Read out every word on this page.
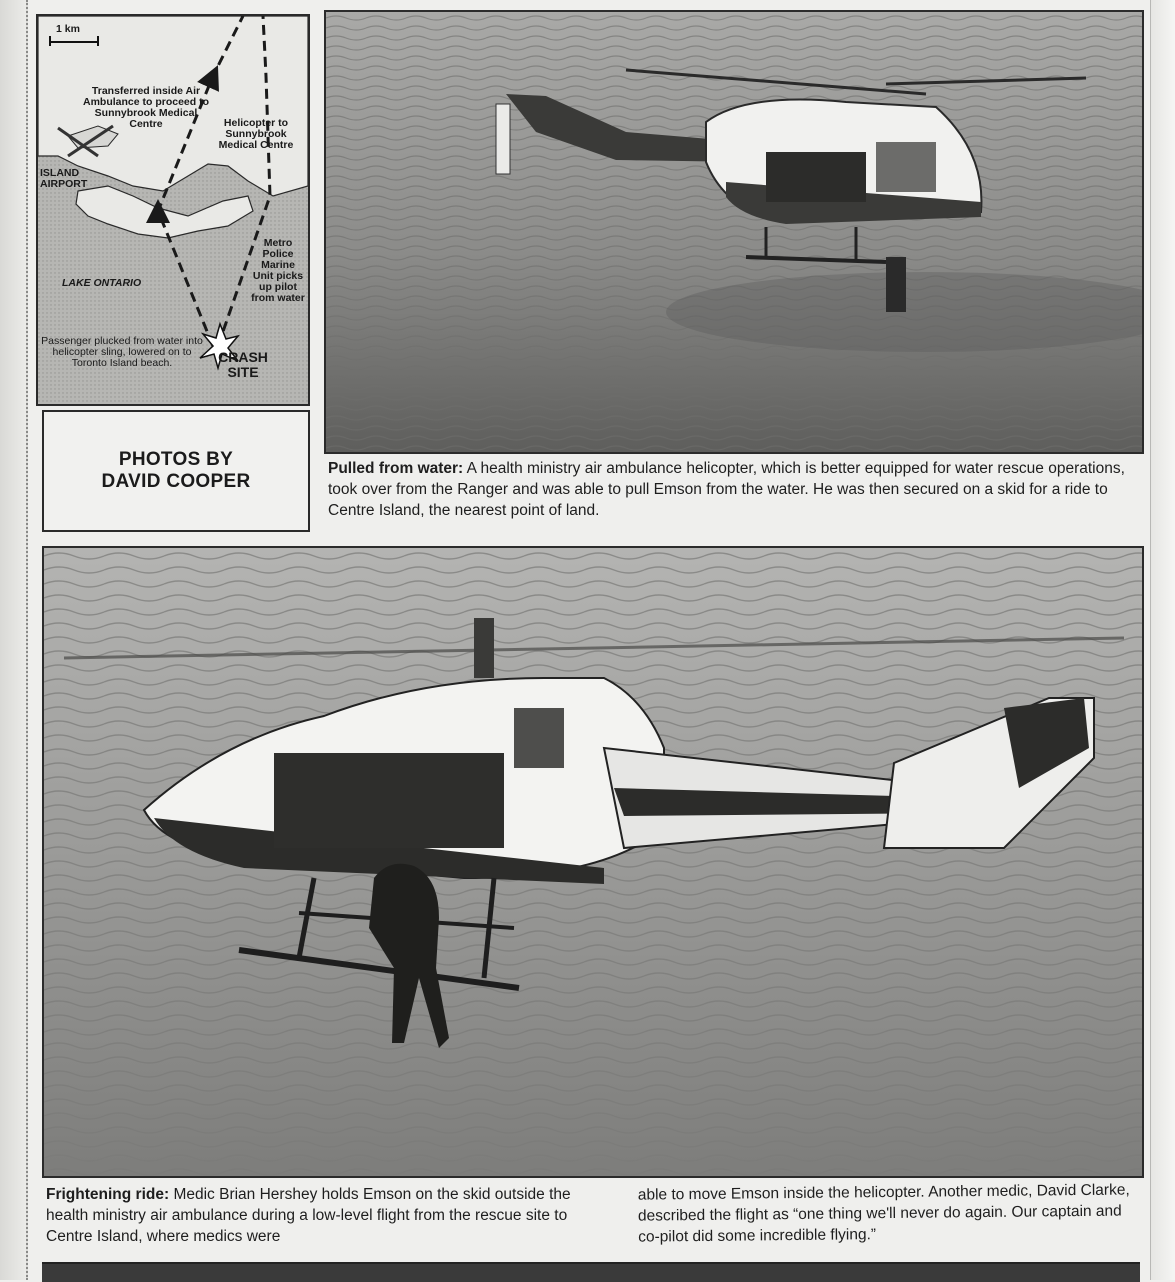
1 km
Transferred inside Air Ambulance to proceed to Sunnybrook Medical Centre	Helicopter to Sunnybrook Medical Centre
ISLAND AIRPORT
LAKE ONTARIO
Metro Police Marine Unit picks up pilot from water
Passenger plucked from water into helicopter sling, lowered on to Toronto Island beach.	CRASH SITE
PHOTOS BY
DAVID COOPER
Pulled from water: A health ministry air ambulance helicopter, which is better equipped for water rescue operations, took over from the Ranger and was able to pull Emson from the water. He was then secured on a skid for a ride to Centre Island, the nearest point of land.
Frightening ride: Medic Brian Hershey holds Emson on the skid outside the health ministry air ambulance during a low-level flight from the rescue site to Centre Island, where medics were
able to move Emson inside the helicopter. Another medic, David Clarke, described the flight as “one thing we'll never do again. Our captain and co-pilot did some incredible flying.”
